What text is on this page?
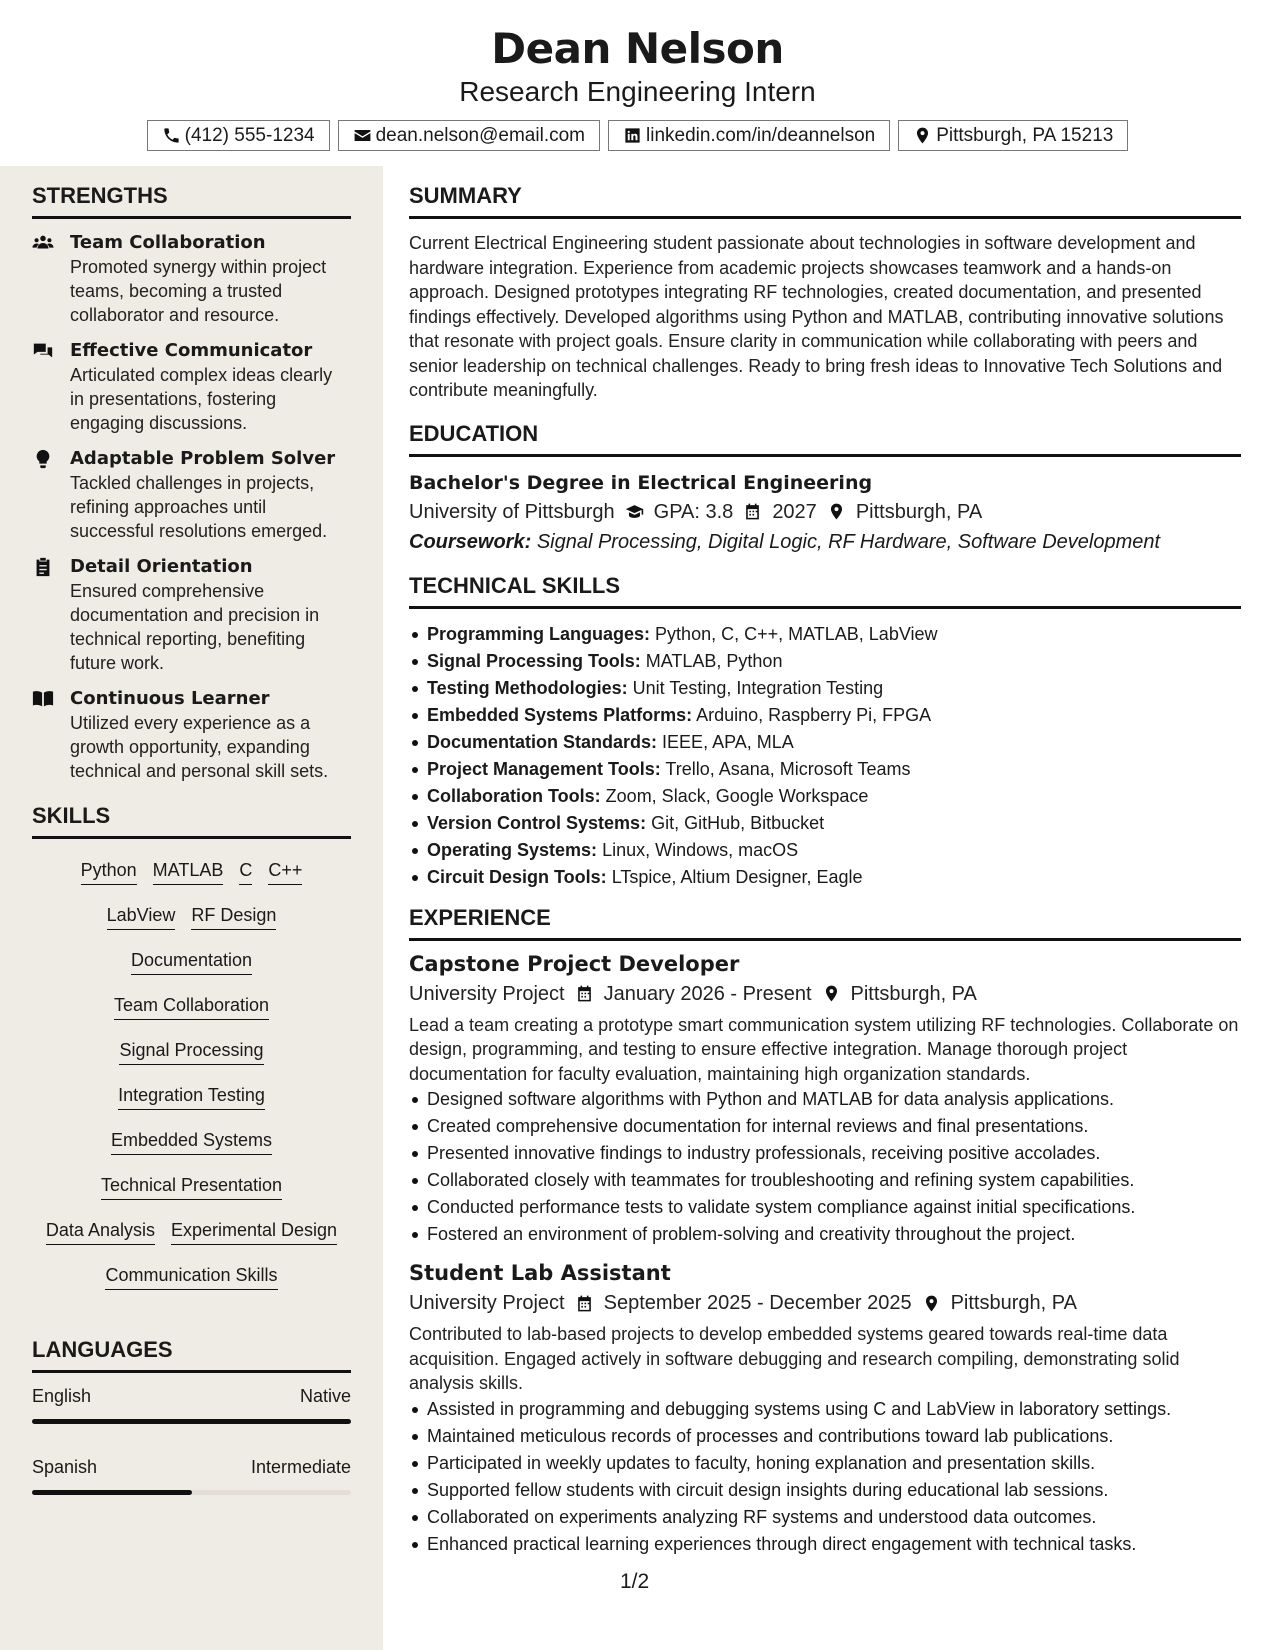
Dean Nelson
Research Engineering Intern
(412) 555-1234	dean.nelson@email.com	linkedin.com/in/deannelson	Pittsburgh, PA 15213
STRENGTHS
Team Collaboration
Promoted synergy within project teams, becoming a trusted collaborator and resource.
Effective Communicator
Articulated complex ideas clearly in presentations, fostering engaging discussions.
Adaptable Problem Solver
Tackled challenges in projects, refining approaches until successful resolutions emerged.
Detail Orientation
Ensured comprehensive documentation and precision in technical reporting, benefiting future work.
Continuous Learner
Utilized every experience as a growth opportunity, expanding technical and personal skill sets.
SKILLS
Python MATLAB C C++
LabView RF Design
Documentation
Team Collaboration
Signal Processing
Integration Testing
Embedded Systems
Technical Presentation
Data Analysis Experimental Design
Communication Skills
LANGUAGES
English	Native
Spanish	Intermediate
SUMMARY
Current Electrical Engineering student passionate about technologies in software development and hardware integration. Experience from academic projects showcases teamwork and a hands-on approach. Designed prototypes integrating RF technologies, created documentation, and presented findings effectively. Developed algorithms using Python and MATLAB, contributing innovative solutions that resonate with project goals. Ensure clarity in communication while collaborating with peers and senior leadership on technical challenges. Ready to bring fresh ideas to Innovative Tech Solutions and contribute meaningfully.
EDUCATION
Bachelor's Degree in Electrical Engineering
University of Pittsburgh GPA: 3.8 2027 Pittsburgh, PA
Coursework: Signal Processing, Digital Logic, RF Hardware, Software Development
TECHNICAL SKILLS
Programming Languages: Python, C, C++, MATLAB, LabView
Signal Processing Tools: MATLAB, Python
Testing Methodologies: Unit Testing, Integration Testing
Embedded Systems Platforms: Arduino, Raspberry Pi, FPGA
Documentation Standards: IEEE, APA, MLA
Project Management Tools: Trello, Asana, Microsoft Teams
Collaboration Tools: Zoom, Slack, Google Workspace
Version Control Systems: Git, GitHub, Bitbucket
Operating Systems: Linux, Windows, macOS
Circuit Design Tools: LTspice, Altium Designer, Eagle
EXPERIENCE
Capstone Project Developer
University Project January 2026 - Present Pittsburgh, PA
Lead a team creating a prototype smart communication system utilizing RF technologies. Collaborate on design, programming, and testing to ensure effective integration. Manage thorough project documentation for faculty evaluation, maintaining high organization standards.
Designed software algorithms with Python and MATLAB for data analysis applications.
Created comprehensive documentation for internal reviews and final presentations.
Presented innovative findings to industry professionals, receiving positive accolades.
Collaborated closely with teammates for troubleshooting and refining system capabilities.
Conducted performance tests to validate system compliance against initial specifications.
Fostered an environment of problem-solving and creativity throughout the project.
Student Lab Assistant
University Project September 2025 - December 2025 Pittsburgh, PA
Contributed to lab-based projects to develop embedded systems geared towards real-time data acquisition. Engaged actively in software debugging and research compiling, demonstrating solid analysis skills.
Assisted in programming and debugging systems using C and LabView in laboratory settings.
Maintained meticulous records of processes and contributions toward lab publications.
Participated in weekly updates to faculty, honing explanation and presentation skills.
Supported fellow students with circuit design insights during educational lab sessions.
Collaborated on experiments analyzing RF systems and understood data outcomes.
Enhanced practical learning experiences through direct engagement with technical tasks.
1/2
